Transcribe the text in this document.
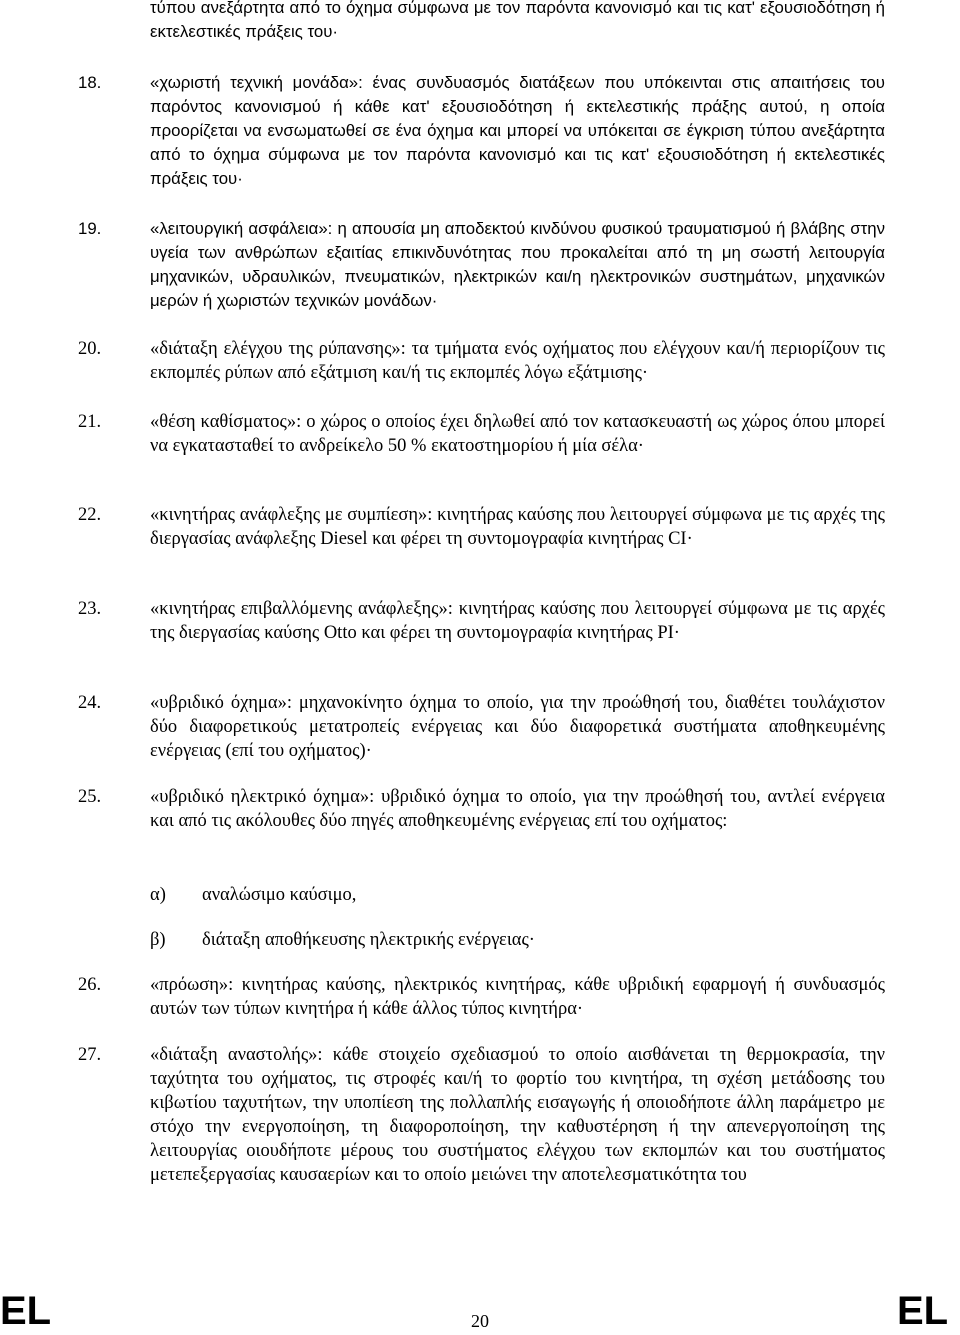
τύπου ανεξάρτητα από το όχημα σύμφωνα με τον παρόντα κανονισμό και τις κατ' εξουσιοδότηση ή εκτελεστικές πράξεις του·
18.	«χωριστή τεχνική μονάδα»: ένας συνδυασμός διατάξεων που υπόκεινται στις απαιτήσεις του παρόντος κανονισμού ή κάθε κατ' εξουσιοδότηση ή εκτελεστικής πράξης αυτού, η οποία προορίζεται να ενσωματωθεί σε ένα όχημα και μπορεί να υπόκειται σε έγκριση τύπου ανεξάρτητα από το όχημα σύμφωνα με τον παρόντα κανονισμό και τις κατ' εξουσιοδότηση ή εκτελεστικές πράξεις του·
19.	«λειτουργική ασφάλεια»: η απουσία μη αποδεκτού κινδύνου φυσικού τραυματισμού ή βλάβης στην υγεία των ανθρώπων εξαιτίας επικινδυνότητας που προκαλείται από τη μη σωστή λειτουργία μηχανικών, υδραυλικών, πνευματικών, ηλεκτρικών και/η ηλεκτρονικών συστημάτων, μηχανικών μερών ή χωριστών τεχνικών μονάδων·
20.	«διάταξη ελέγχου της ρύπανσης»: τα τμήματα ενός οχήματος που ελέγχουν και/ή περιορίζουν τις εκπομπές ρύπων από εξάτμιση και/ή τις εκπομπές λόγω εξάτμισης·
21.	«θέση καθίσματος»: ο χώρος ο οποίος έχει δηλωθεί από τον κατασκευαστή ως χώρος όπου μπορεί να εγκατασταθεί το ανδρείκελο 50 % εκατοστημορίου ή μία σέλα·
22.	«κινητήρας ανάφλεξης με συμπίεση»: κινητήρας καύσης που λειτουργεί σύμφωνα με τις αρχές της διεργασίας ανάφλεξης Diesel και φέρει τη συντομογραφία κινητήρας CI·
23.	«κινητήρας επιβαλλόμενης ανάφλεξης»: κινητήρας καύσης που λειτουργεί σύμφωνα με τις αρχές της διεργασίας καύσης Otto και φέρει τη συντομογραφία κινητήρας PI·
24.	«υβριδικό όχημα»: μηχανοκίνητο όχημα το οποίο, για την προώθησή του, διαθέτει τουλάχιστον δύο διαφορετικούς μετατροπείς ενέργειας και δύο διαφορετικά συστήματα αποθηκευμένης ενέργειας (επί του οχήματος)·
25.	«υβριδικό ηλεκτρικό όχημα»: υβριδικό όχημα το οποίο, για την προώθησή του, αντλεί ενέργεια και από τις ακόλουθες δύο πηγές αποθηκευμένης ενέργειας επί του οχήματος:
α) αναλώσιμο καύσιμο,
β) διάταξη αποθήκευσης ηλεκτρικής ενέργειας·
26.	«πρόωση»: κινητήρας καύσης, ηλεκτρικός κινητήρας, κάθε υβριδική εφαρμογή ή συνδυασμός αυτών των τύπων κινητήρα ή κάθε άλλος τύπος κινητήρα·
27.	«διάταξη αναστολής»: κάθε στοιχείο σχεδιασμού το οποίο αισθάνεται τη θερμοκρασία, την ταχύτητα του οχήματος, τις στροφές και/ή το φορτίο του κινητήρα, τη σχέση μετάδοσης του κιβωτίου ταχυτήτων, την υποπίεση της πολλαπλής εισαγωγής ή οποιοδήποτε άλλη παράμετρο με στόχο την ενεργοποίηση, τη διαφοροποίηση, την καθυστέρηση ή την απενεργοποίηση της λειτουργίας οιουδήποτε μέρους του συστήματος ελέγχου των εκπομπών και του συστήματος μετεπεξεργασίας καυσαερίων και το οποίο μειώνει την αποτελεσματικότητα του
EL	20	EL
